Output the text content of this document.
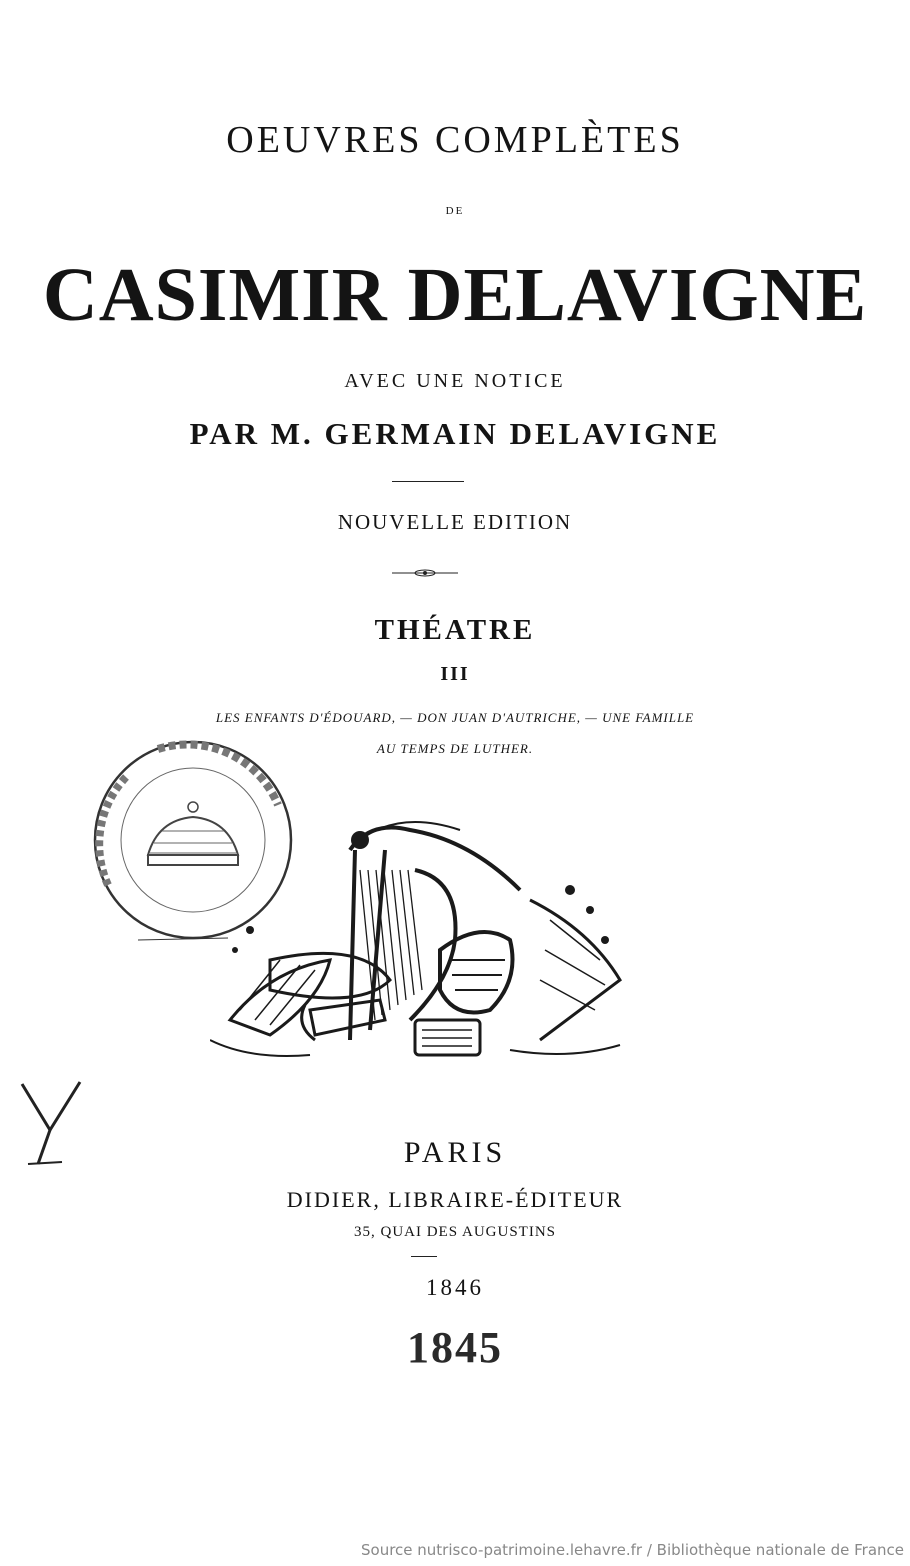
OEUVRES COMPLÈTES
DE
CASIMIR DELAVIGNE
AVEC UNE NOTICE
PAR M. GERMAIN DELAVIGNE
NOUVELLE EDITION
THÉATRE
III
LES ENFANTS D'ÉDOUARD, — DON JUAN D'AUTRICHE, — UNE FAMILLE
AU TEMPS DE LUTHER.
PARIS
DIDIER, LIBRAIRE-ÉDITEUR
35, QUAI DES AUGUSTINS
1846
1845
Source nutrisco-patrimoine.lehavre.fr / Bibliothèque nationale de France
